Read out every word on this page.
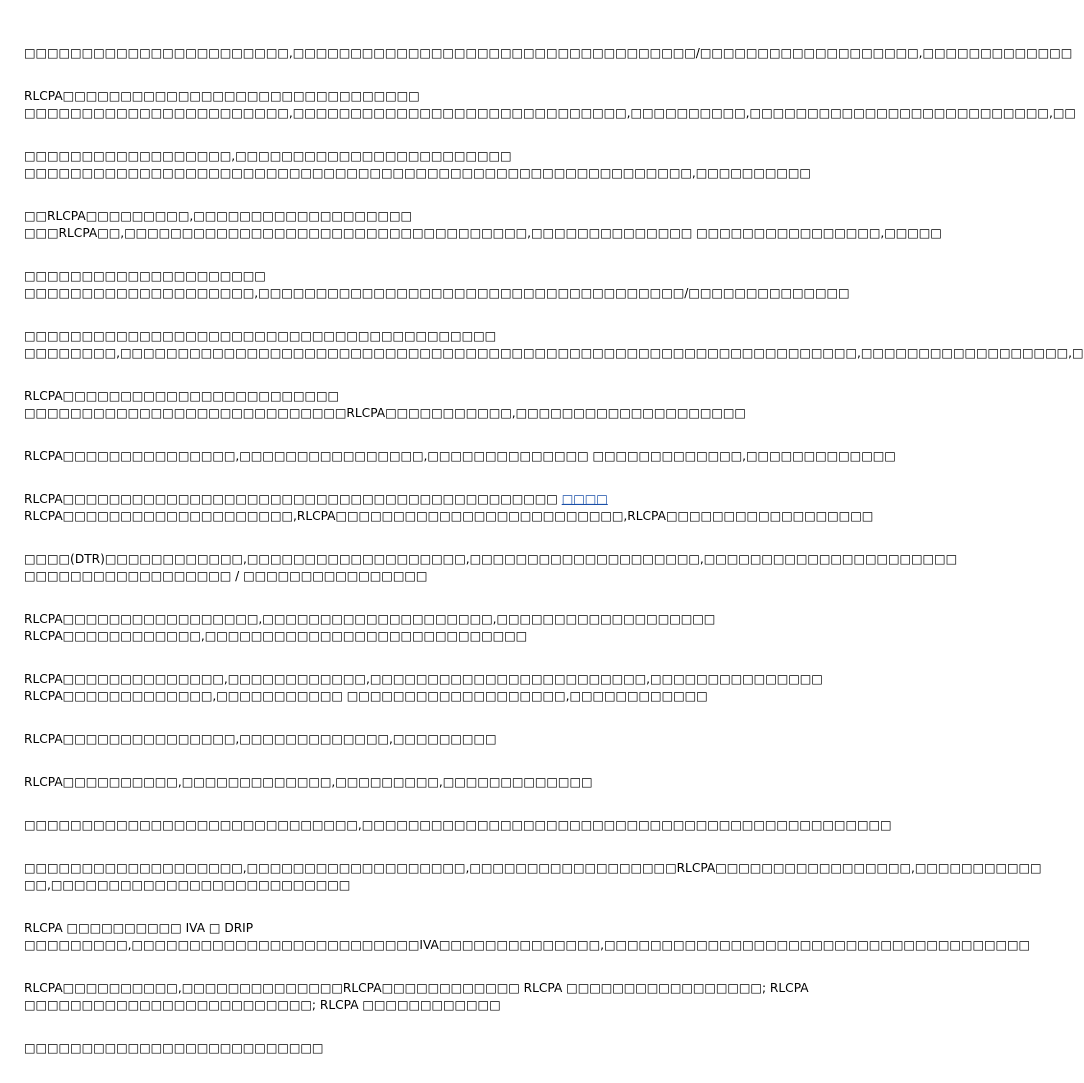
□□□□□□□□□□□□□□□□□□□□□□□,□□□□□□□□□□□□□□□□□□□□□□□□□□□□□□□□□□□/□□□□□□□□□□□□□□□□□□□,□□□□□□□□□□□□□
RLCPA□□□□□□□□□□□□□□□□□□□□□□□□□□□□□□□
□□□□□□□□□□□□□□□□□□□□□□□,□□□□□□□□□□□□□□□□□□□□□□□□□□□□□,□□□□□□□□□□,□□□□□□□□□□□□□□□□□□□□□□□□□□,□□
□□□□□□□□□□□□□□□□□□,□□□□□□□□□□□□□□□□□□□□□□□□
□□□□□□□□□□□□□□□□□□□□□□□□□□□□□□□□□□□□□□□□□□□□□□□□□□□□□□□□□□,□□□□□□□□□□
□□RLCPA□□□□□□□□□,□□□□□□□□□□□□□□□□□□□
□□□RLCPA□□,□□□□□□□□□□□□□□□□□□□□□□□□□□□□□□□□□□□,□□□□□□□□□□□□□□ □□□□□□□□□□□□□□□□,□□□□□
□□□□□□□□□□□□□□□□□□□□□
□□□□□□□□□□□□□□□□□□□□,□□□□□□□□□□□□□□□□□□□□□□□□□□□□□□□□□□□□□/□□□□□□□□□□□□□□
□□□□□□□□□□□□□□□□□□□□□□□□□□□□□□□□□□□□□□□□□
□□□□□□□□,□□□□□□□□□□□□□□□□□□□□□□□□□□□□□□□□□□□□□□□□□□□□□□□□□□□□□□□□□□□□□□□□,□□□□□□□□□□□□□□□□□□,□
RLCPA□□□□□□□□□□□□□□□□□□□□□□□□
□□□□□□□□□□□□□□□□□□□□□□□□□□□□RLCPA□□□□□□□□□□□,□□□□□□□□□□□□□□□□□□□□
RLCPA□□□□□□□□□□□□□□□,□□□□□□□□□□□□□□□□,□□□□□□□□□□□□□□ □□□□□□□□□□□□□,□□□□□□□□□□□□□
RLCPA□□□□□□□□□□□□□□□□□□□□□□□□□□□□□□□□□□□□□□□□□□□ □□□□
RLCPA□□□□□□□□□□□□□□□□□□□□,RLCPA□□□□□□□□□□□□□□□□□□□□□□□□□,RLCPA□□□□□□□□□□□□□□□□□□
□□□□(DTR)□□□□□□□□□□□□,□□□□□□□□□□□□□□□□□□□,□□□□□□□□□□□□□□□□□□□□,□□□□□□□□□□□□□□□□□□□□□□
□□□□□□□□□□□□□□□□□□ / □□□□□□□□□□□□□□□□
RLCPA□□□□□□□□□□□□□□□□□,□□□□□□□□□□□□□□□□□□□□,□□□□□□□□□□□□□□□□□□□
RLCPA□□□□□□□□□□□□,□□□□□□□□□□□□□□□□□□□□□□□□□□□□
RLCPA□□□□□□□□□□□□□□,□□□□□□□□□□□□,□□□□□□□□□□□□□□□□□□□□□□□□,□□□□□□□□□□□□□□□
RLCPA□□□□□□□□□□□□□,□□□□□□□□□□□ □□□□□□□□□□□□□□□□□□□,□□□□□□□□□□□□
RLCPA□□□□□□□□□□□□□□□,□□□□□□□□□□□□□,□□□□□□□□□
RLCPA□□□□□□□□□□,□□□□□□□□□□□□□,□□□□□□□□□,□□□□□□□□□□□□□
□□□□□□□□□□□□□□□□□□□□□□□□□□□□□,□□□□□□□□□□□□□□□□□□□□□□□□□□□□□□□□□□□□□□□□□□□□□□
□□□□□□□□□□□□□□□□□□□,□□□□□□□□□□□□□□□□□□□,□□□□□□□□□□□□□□□□□□RLCPA□□□□□□□□□□□□□□□□□,□□□□□□□□□□□
□□,□□□□□□□□□□□□□□□□□□□□□□□□□□
RLCPA □□□□□□□□□□ IVA □ DRIP
□□□□□□□□□,□□□□□□□□□□□□□□□□□□□□□□□□□IVA□□□□□□□□□□□□□□,□□□□□□□□□□□□□□□□□□□□□□□□□□□□□□□□□□□□□
RLCPA□□□□□□□□□□,□□□□□□□□□□□□□□RLCPA□□□□□□□□□□□□ RLCPA □□□□□□□□□□□□□□□□□; RLCPA
□□□□□□□□□□□□□□□□□□□□□□□□□; RLCPA □□□□□□□□□□□□
□□□□□□□□□□□□□□□□□□□□□□□□□□
